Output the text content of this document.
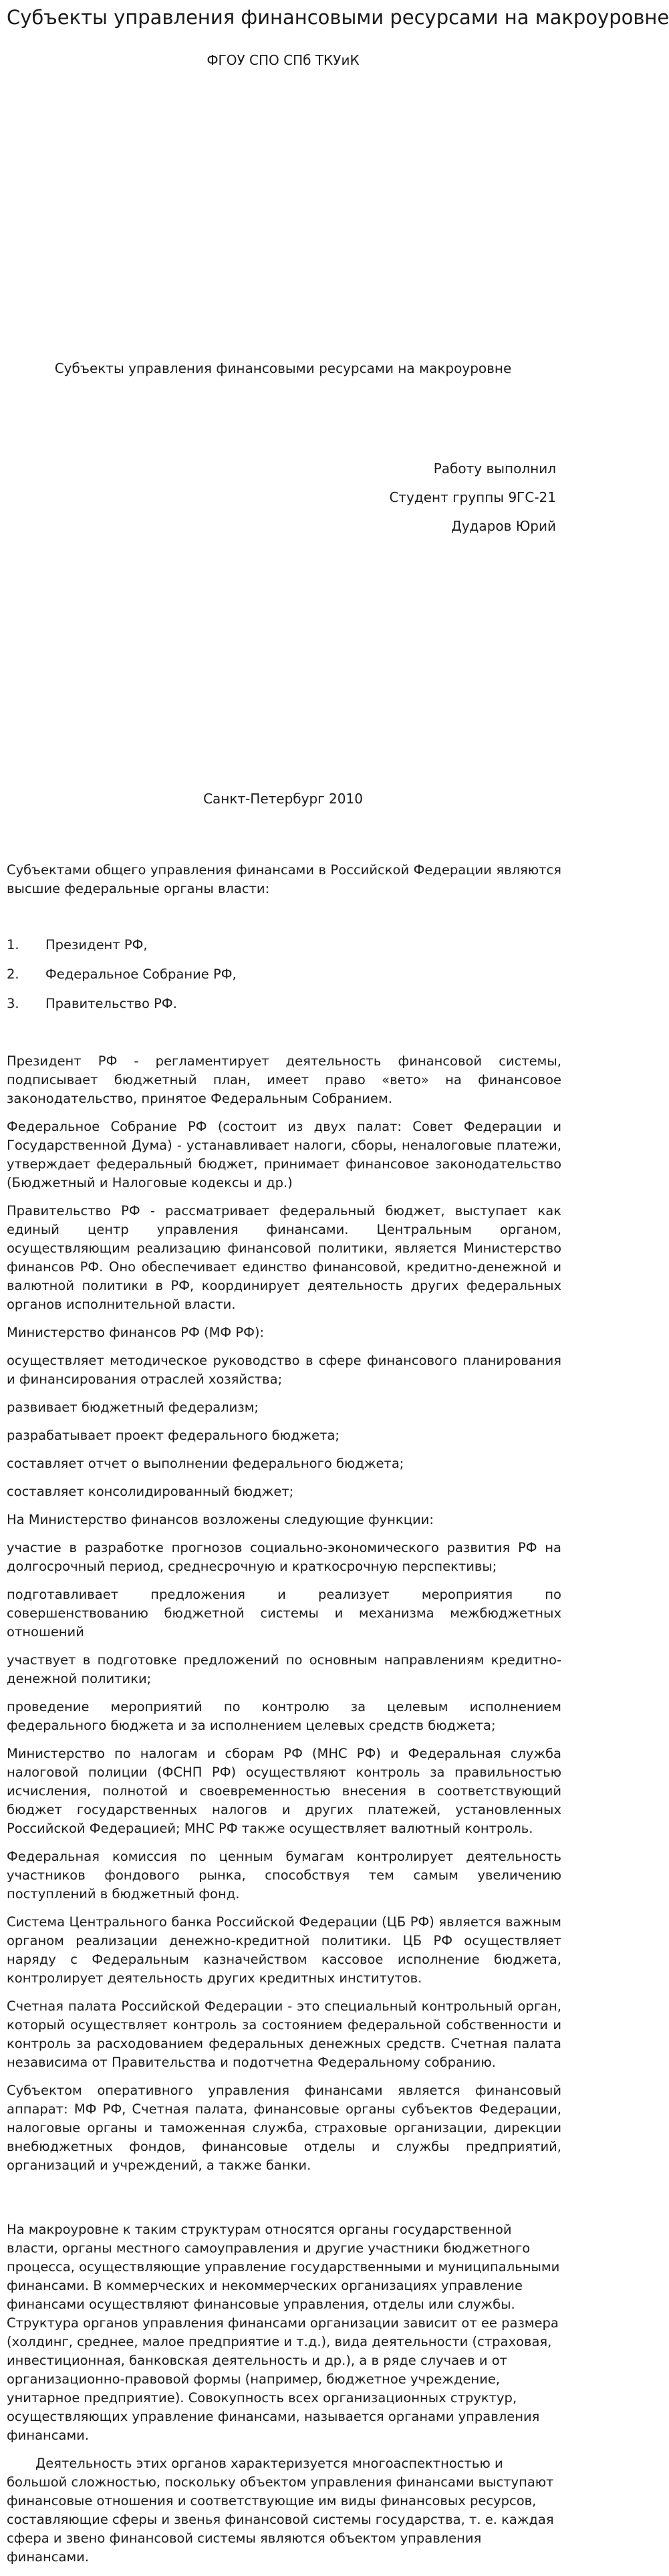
Субъекты управления финансовыми ресурсами на макроуровне
ФГОУ СПО СПб ТКУиК
Субъекты управления финансовыми ресурсами на макроуровне
Работу выполнил
Студент группы 9ГС-21
Дударов Юрий
Санкт-Петербург 2010

Субъектами общего управления финансами в Российской Федерации являются высшие федеральные органы власти:

1.	Президент РФ,
2.	Федеральное Собрание РФ,
3.	Правительство РФ.

Президент РФ - регламентирует деятельность финансовой системы, подписывает бюджетный план, имеет право «вето» на финансовое законодательство, принятое Федеральным Собранием.

Федеральное Собрание РФ (состоит из двух палат: Совет Федерации и Государственной Дума) - устанавливает налоги, сборы, неналоговые платежи, утверждает федеральный бюджет, принимает финансовое законодательство (Бюджетный и Налоговые кодексы и др.)

Правительство РФ - рассматривает федеральный бюджет, выступает как единый центр управления финансами. Центральным органом, осуществляющим реализацию финансовой политики, является Министерство финансов РФ. Оно обеспечивает единство финансовой, кредитно-денежной и валютной политики в РФ, координирует деятельность других федеральных органов исполнительной власти.

Министерство финансов РФ (МФ РФ):

осуществляет методическое руководство в сфере финансового планирования и финансирования отраслей хозяйства;

развивает бюджетный федерализм;

разрабатывает проект федерального бюджета;

составляет отчет о выполнении федерального бюджета;

составляет консолидированный бюджет;

На Министерство финансов возложены следующие функции:

участие в разработке прогнозов социально-экономического развития РФ на долгосрочный период, среднесрочную и краткосрочную перспективы;

подготавливает предложения и реализует мероприятия по совершенствованию бюджетной системы и механизма межбюджетных отношений

участвует в подготовке предложений по основным направлениям кредитно-денежной политики;

проведение мероприятий по контролю за целевым исполнением федерального бюджета и за исполнением целевых средств бюджета;

Министерство по налогам и сборам РФ (МНС РФ) и Федеральная служба налоговой полиции (ФСНП РФ) осуществляют контроль за правильностью исчисления, полнотой и своевременностью внесения в соответствующий бюджет государственных налогов и других платежей, установленных Российской Федерацией; МНС РФ также осуществляет валютный контроль.

Федеральная комиссия по ценным бумагам контролирует деятельность участников фондового рынка, способствуя тем самым увеличению поступлений в бюджетный фонд.

Система Центрального банка Российской Федерации (ЦБ РФ) является важным органом реализации денежно-кредитной политики. ЦБ РФ осуществляет наряду с Федеральным казначейством кассовое исполнение бюджета, контролирует деятельность других кредитных институтов.

Счетная палата Российской Федерации - это специальный контрольный орган, который осуществляет контроль за состоянием федеральной собственности и контроль за расходованием федеральных денежных средств. Счетная палата независима от Правительства и подотчетна Федеральному собранию.

Субъектом оперативного управления финансами является финансовый аппарат: МФ РФ, Счетная палата, финансовые органы субъектов Федерации, налоговые органы и таможенная служба, страховые организации, дирекции внебюджетных фондов, финансовые отделы и службы предприятий, организаций и учреждений, а также банки.

На макроуровне к таким структурам относятся органы государственной власти, органы местного самоуправления и другие участники бюджетного процесса, осуществляющие управление государственными и муниципальными финансами. В коммерческих и некоммерческих организациях управление финансами осуществляют финансовые управления, отделы или службы. Структура органов управления финансами организации зависит от ее размера (холдинг, среднее, малое предприятие и т.д.), вида деятельности (страховая, инвестиционная, банковская деятельность и др.), а в ряде случаев и от организационно-правовой формы (например, бюджетное учреждение, унитарное предприятие). Совокупность всех организационных структур, осуществляющих управление финансами, называется органами управления финансами.

Деятельность этих органов характеризуется многоаспектностью и большой сложностью, поскольку объектом управления финансами выступают финансовые отношения и соответствующие им виды финансовых ресурсов, составляющие сферы и звенья финансовой системы государства, т. е. каждая сфера и звено финансовой системы являются объектом управления финансами.
